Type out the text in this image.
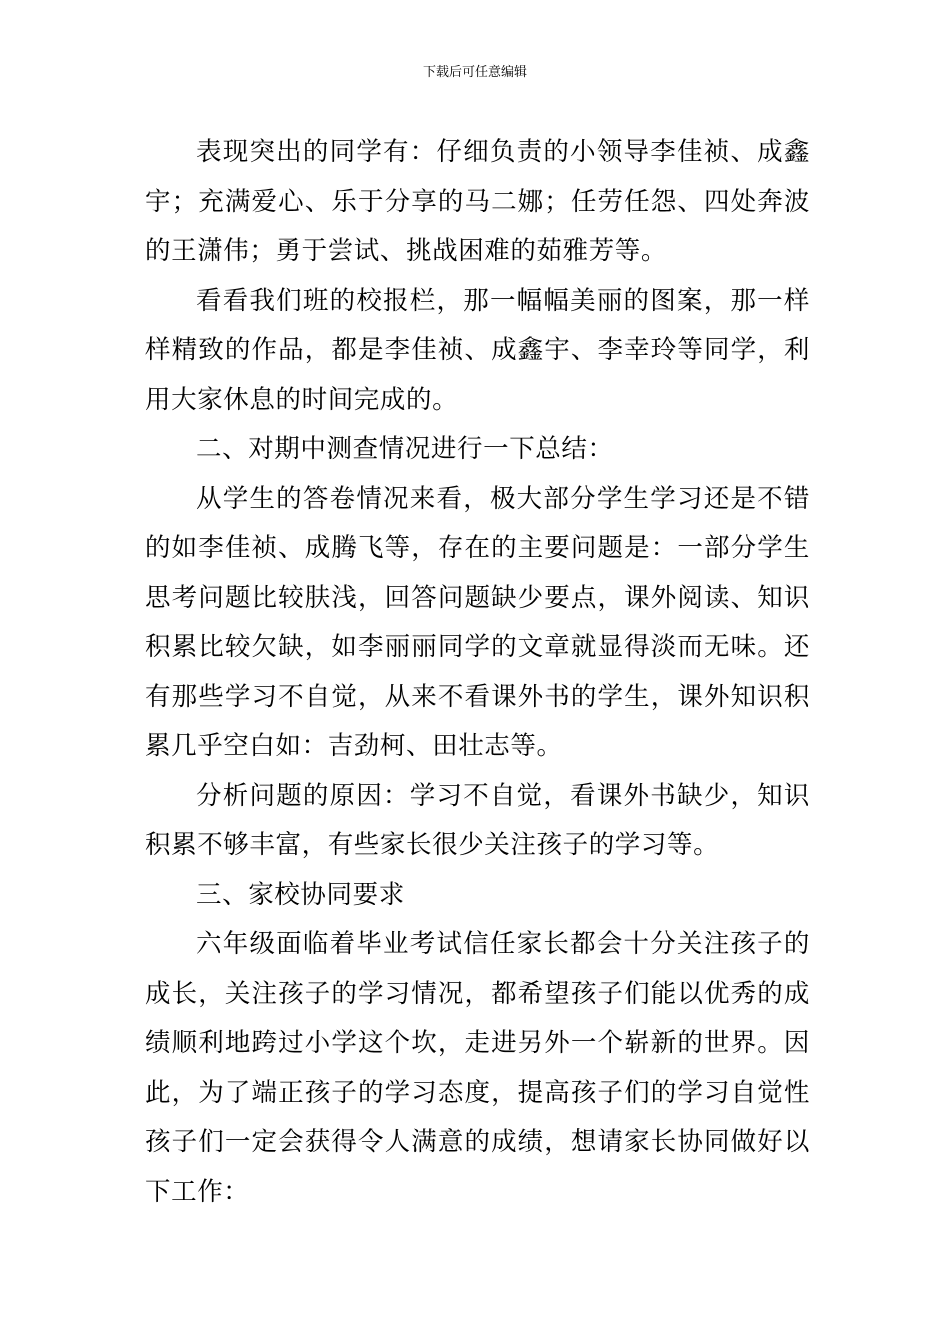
下载后可任意编辑

表现突出的同学有：仔细负责的小领导李佳祯、成鑫宇；充满爱心、乐于分享的马二娜；任劳任怨、四处奔波的王潇伟；勇于尝试、挑战困难的茹雅芳等。

看看我们班的校报栏，那一幅幅美丽的图案，那一样样精致的作品，都是李佳祯、成鑫宇、李幸玲等同学，利用大家休息的时间完成的。

二、对期中测查情况进行一下总结：

从学生的答卷情况来看，极大部分学生学习还是不错的如李佳祯、成腾飞等，存在的主要问题是：一部分学生思考问题比较肤浅，回答问题缺少要点，课外阅读、知识积累比较欠缺，如李丽丽同学的文章就显得淡而无味。还有那些学习不自觉，从来不看课外书的学生，课外知识积累几乎空白如：吉劲柯、田壮志等。

分析问题的原因：学习不自觉，看课外书缺少，知识积累不够丰富，有些家长很少关注孩子的学习等。

三、家校协同要求

六年级面临着毕业考试信任家长都会十分关注孩子的成长，关注孩子的学习情况，都希望孩子们能以优秀的成绩顺利地跨过小学这个坎，走进另外一个崭新的世界。因此，为了端正孩子的学习态度，提高孩子们的学习自觉性孩子们一定会获得令人满意的成绩，想请家长协同做好以下工作：
